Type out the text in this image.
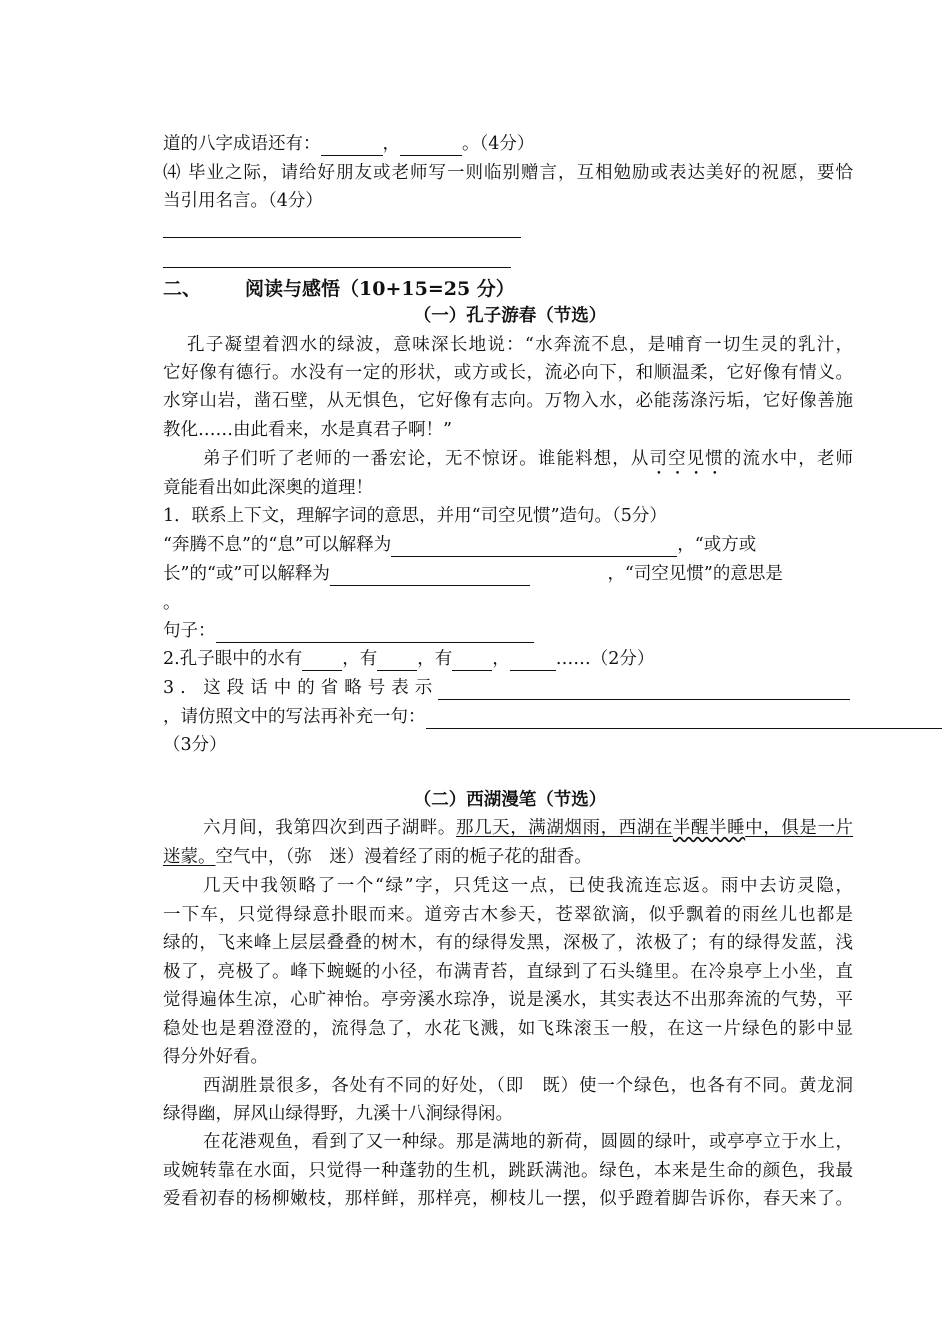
道的八字成语还有：	，	。（4分）
⑷ 毕业之际，请给好朋友或老师写一则临别赠言，互相勉励或表达美好的祝愿，要恰
当引用名言。（4分）
二、 阅读与感悟（10+15=25 分）
（一）孔子游春（节选）
孔子凝望着泗水的绿波，意味深长地说：“水奔流不息，是哺育一切生灵的乳汁，
它好像有德行。水没有一定的形状，或方或长，流必向下，和顺温柔，它好像有情义。
水穿山岩，凿石壁，从无惧色，它好像有志向。万物入水，必能荡涤污垢，它好像善施
教化……由此看来，水是真君子啊！”
弟子们听了老师的一番宏论，无不惊讶。谁能料想，从司空见惯的流水中，老师
竟能看出如此深奥的道理！
1．联系上下文，理解字词的意思，并用“司空见惯”造句。（5分）
“奔腾不息”的“息”可以解释为	，“或方或
长”的“或”可以解释为	，“司空见惯”的意思是
。
句子：
2.孔子眼中的水有 ，有 ，有 ，	……（2分）
3. 这段话中的省略号表示
，请仿照文中的写法再补充一句：
（3分）
（二）西湖漫笔（节选）
六月间，我第四次到西子湖畔。那几天，满湖烟雨，西湖在半醒半睡中，俱是一片
迷蒙。空气中，（弥　迷）漫着经了雨的栀子花的甜香。
几天中我领略了一个“绿”字，只凭这一点，已使我流连忘返。雨中去访灵隐，
一下车，只觉得绿意扑眼而来。道旁古木参天，苍翠欲滴，似乎飘着的雨丝儿也都是
绿的，飞来峰上层层叠叠的树木，有的绿得发黑，深极了，浓极了；有的绿得发蓝，浅
极了，亮极了。峰下蜿蜒的小径，布满青苔，直绿到了石头缝里。在冷泉亭上小坐，直
觉得遍体生凉，心旷神怡。亭旁溪水琮净，说是溪水，其实表达不出那奔流的气势，平
稳处也是碧澄澄的，流得急了，水花飞溅，如飞珠滚玉一般，在这一片绿色的影中显
得分外好看。
西湖胜景很多，各处有不同的好处，（即　既）使一个绿色，也各有不同。黄龙洞
绿得幽，屏风山绿得野，九溪十八涧绿得闲。
在花港观鱼，看到了又一种绿。那是满地的新荷，圆圆的绿叶，或亭亭立于水上，
或婉转靠在水面，只觉得一种蓬勃的生机，跳跃满池。绿色，本来是生命的颜色，我最
爱看初春的杨柳嫩枝，那样鲜，那样亮，柳枝儿一摆，似乎蹬着脚告诉你，春天来了。
